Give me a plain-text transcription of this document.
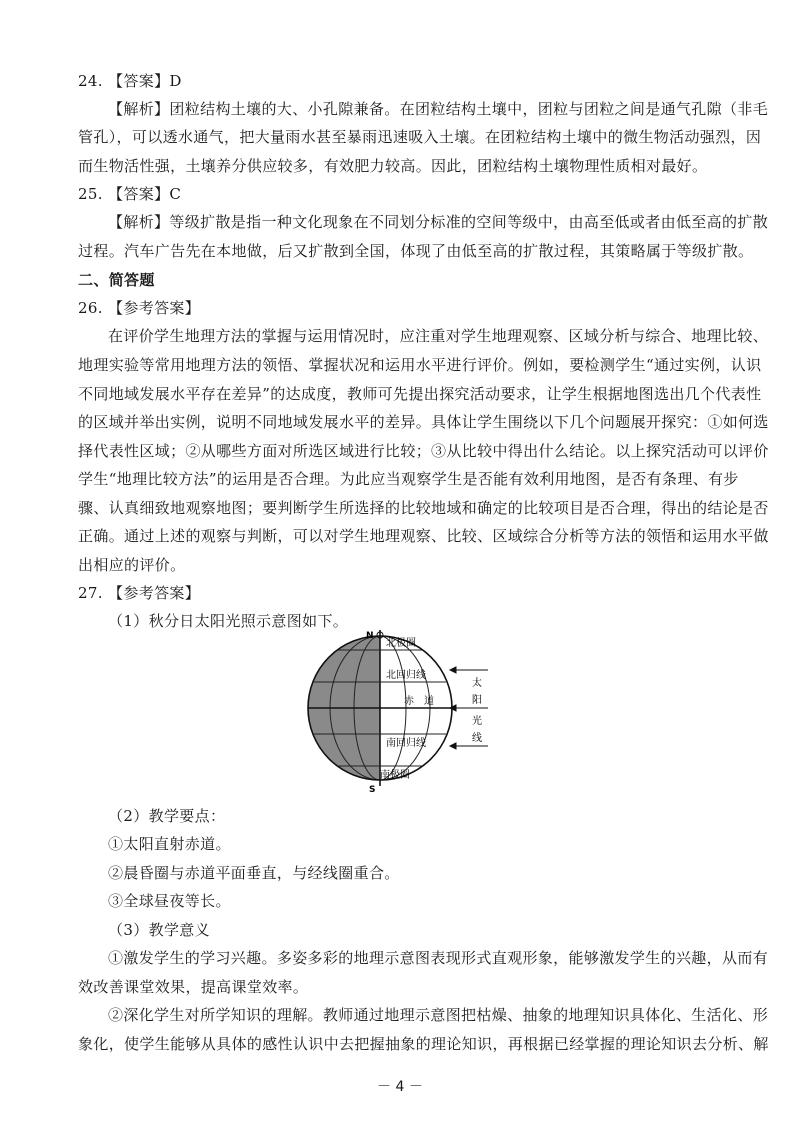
24. 【答案】D
【解析】团粒结构土壤的大、小孔隙兼备。在团粒结构土壤中，团粒与团粒之间是通气孔隙（非毛
管孔），可以透水通气，把大量雨水甚至暴雨迅速吸入土壤。在团粒结构土壤中的微生物活动强烈，因
而生物活性强，土壤养分供应较多，有效肥力较高。因此，团粒结构土壤物理性质相对最好。
25. 【答案】C
【解析】等级扩散是指一种文化现象在不同划分标准的空间等级中，由高至低或者由低至高的扩散
过程。汽车广告先在本地做，后又扩散到全国，体现了由低至高的扩散过程，其策略属于等级扩散。
二、简答题
26. 【参考答案】
在评价学生地理方法的掌握与运用情况时，应注重对学生地理观察、区域分析与综合、地理比较、
地理实验等常用地理方法的领悟、掌握状况和运用水平进行评价。例如，要检测学生“通过实例，认识
不同地域发展水平存在差异”的达成度，教师可先提出探究活动要求，让学生根据地图选出几个代表性
的区域并举出实例，说明不同地域发展水平的差异。具体让学生围绕以下几个问题展开探究：①如何选
择代表性区域；②从哪些方面对所选区域进行比较；③从比较中得出什么结论。以上探究活动可以评价
学生“地理比较方法”的运用是否合理。为此应当观察学生是否能有效利用地图，是否有条理、有步
骤、认真细致地观察地图；要判断学生所选择的比较地域和确定的比较项目是否合理，得出的结论是否
正确。通过上述的观察与判断，可以对学生地理观察、比较、区域综合分析等方法的领悟和运用水平做
出相应的评价。
27. 【参考答案】
（1）秋分日太阳光照示意图如下。
N
S
北极圈
北回归线
赤　道
南回归线
南极圈
太
阳
光
线
（2）教学要点：
①太阳直射赤道。
②晨昏圈与赤道平面垂直，与经线圈重合。
③全球昼夜等长。
（3）教学意义
①激发学生的学习兴趣。多姿多彩的地理示意图表现形式直观形象，能够激发学生的兴趣，从而有
效改善课堂效果，提高课堂效率。
②深化学生对所学知识的理解。教师通过地理示意图把枯燥、抽象的地理知识具体化、生活化、形
象化，使学生能够从具体的感性认识中去把握抽象的理论知识，再根据已经掌握的理论知识去分析、解
－ 4 －
